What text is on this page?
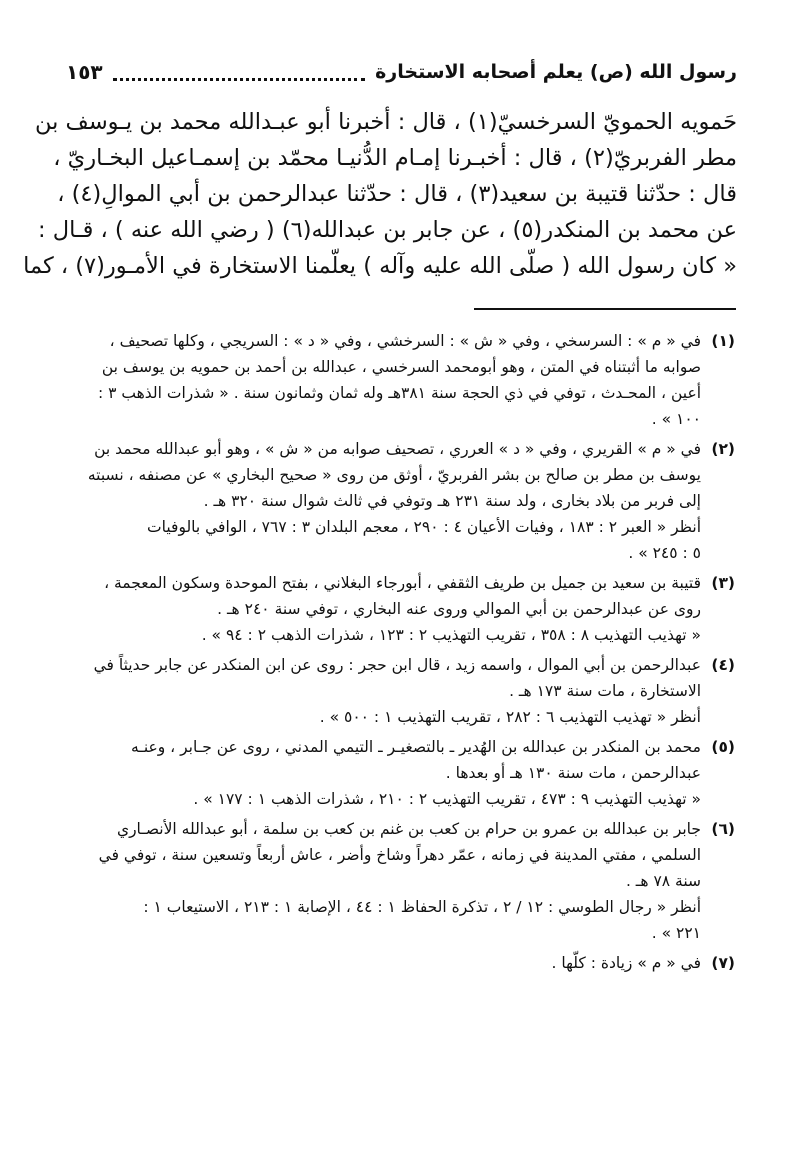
رسول الله (ص) يعلم أصحابه الاستخارة
١٥٣
حَمويه الحمويّ السرخسيّ(١) ، قال : أخبرنا أبو عبـدالله محمد بن يـوسف بن
مطر الفربريّ(٢) ، قال : أخبـرنا إمـام الدُّنيـا محمّد بن إسمـاعيل البخـاريّ ،
قال : حدّثنا قتيبة بن سعيد(٣) ، قال : حدّثنا عبدالرحمن بن أبي الموالِ(٤) ،
عن محمد بن المنكدر(٥) ، عن جابر بن عبدالله(٦) ( رضي الله عنه ) ، قـال :
« كان رسول الله ( صلّى الله عليه وآله ) يعلّمنا الاستخارة في الأمـور(٧) ، كما
(١)
في « م » : السرسخي ، وفي « ش » : السرخشي ، وفي « د » : السريجي ، وكلها تصحيف ،
صوابه ما أثبتناه في المتن ، وهو أبومحمد السرخسي ، عبدالله بن أحمد بن حمويه بن يوسف بن
أعين ، المحـدث ، توفي في ذي الحجة سنة ٣٨١هـ وله ثمان وثمانون سنة . « شذرات الذهب ٣ :
١٠٠ » .
(٢)
في « م » القريري ، وفي « د » العرري ، تصحيف صوابه من « ش » ، وهو أبو عبدالله محمد بن
يوسف بن مطر بن صالح بن بشر الفربريّ ، أوثق من روى « صحيح البخاري » عن مصنفه ، نسبته
إلى فربر من بلاد بخارى ، ولد سنة ٢٣١ هـ وتوفي في ثالث شوال سنة ٣٢٠ هـ .
أنظر « العبر ٢ : ١٨٣ ، وفيات الأعيان ٤ : ٢٩٠ ، معجم البلدان ٣ : ٧٦٧ ، الوافي بالوفيات
٥ : ٢٤٥ » .
(٣)
قتيبة بن سعيد بن جميل بن طريف الثقفي ، أبورجاء البغلاني ، بفتح الموحدة وسكون المعجمة ،
روى عن عبدالرحمن بن أبي الموالي وروى عنه البخاري ، توفي سنة ٢٤٠ هـ .
« تهذيب التهذيب ٨ : ٣٥٨ ، تقريب التهذيب ٢ : ١٢٣ ، شذرات الذهب ٢ : ٩٤ » .
(٤)
عبدالرحمن بن أبي الموال ، واسمه زيد ، قال ابن حجر : روى عن ابن المنكدر عن جابر حديثاً في
الاستخارة ، مات سنة ١٧٣ هـ .
أنظر « تهذيب التهذيب ٦ : ٢٨٢ ، تقريب التهذيب ١ : ٥٠٠ » .
(٥)
محمد بن المنكدر بن عبدالله بن الهُدير ـ بالتصغيـر ـ التيمي المدني ، روى عن جـابر ، وعنـه
عبدالرحمن ، مات سنة ١٣٠ هـ أو بعدها .
« تهذيب التهذيب ٩ : ٤٧٣ ، تقريب التهذيب ٢ : ٢١٠ ، شذرات الذهب ١ : ١٧٧ » .
(٦)
جابر بن عبدالله بن عمرو بن حرام بن كعب بن غنم بن كعب بن سلمة ، أبو عبدالله الأنصـاري
السلمي ، مفتي المدينة في زمانه ، عمّر دهراً وشاخ وأضر ، عاش أربعاً وتسعين سنة ، توفي في
سنة ٧٨ هـ .
أنظر « رجال الطوسي : ١٢ / ٢ ، تذكرة الحفاظ ١ : ٤٤ ، الإصابة ١ : ٢١٣ ، الاستيعاب ١ :
٢٢١ » .
(٧)
في « م » زيادة : كلّها .
